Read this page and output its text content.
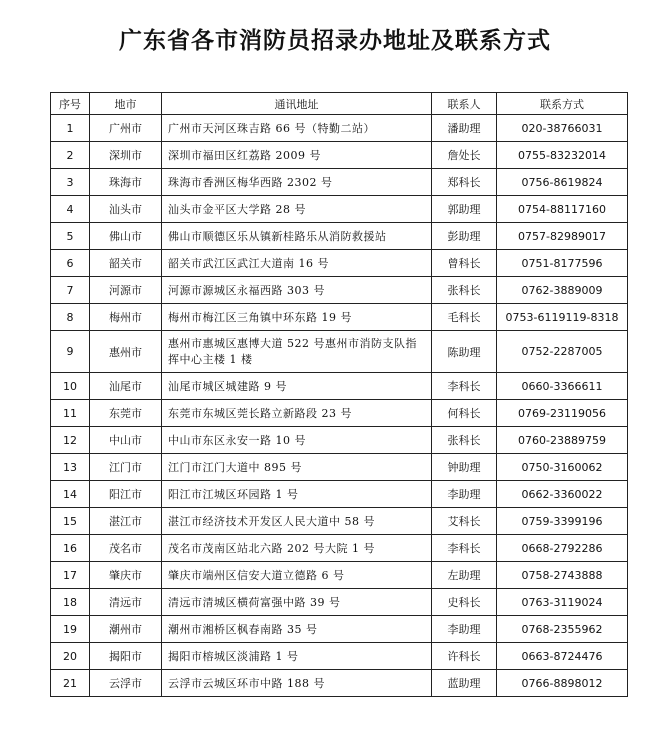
广东省各市消防员招录办地址及联系方式
序号	地市	通讯地址	联系人	联系方式
1	广州市	广州市天河区珠吉路 66 号（特勤二站）	潘助理	020-38766031
2	深圳市	深圳市福田区红荔路 2009 号	詹处长	0755-83232014
3	珠海市	珠海市香洲区梅华西路 2302 号	郑科长	0756-8619824
4	汕头市	汕头市金平区大学路 28 号	郭助理	0754-88117160
5	佛山市	佛山市顺德区乐从镇新桂路乐从消防救援站	彭助理	0757-82989017
6	韶关市	韶关市武江区武江大道南 16 号	曾科长	0751-8177596
7	河源市	河源市源城区永福西路 303 号	张科长	0762-3889009
8	梅州市	梅州市梅江区三角镇中环东路 19 号	毛科长	0753-6119119-8318
9	惠州市	惠州市惠城区惠博大道 522 号惠州市消防支队指挥中心主楼 1 楼	陈助理	0752-2287005
10	汕尾市	汕尾市城区城建路 9 号	李科长	0660-3366611
11	东莞市	东莞市东城区莞长路立新路段 23 号	何科长	0769-23119056
12	中山市	中山市东区永安一路 10 号	张科长	0760-23889759
13	江门市	江门市江门大道中 895 号	钟助理	0750-3160062
14	阳江市	阳江市江城区环园路 1 号	李助理	0662-3360022
15	湛江市	湛江市经济技术开发区人民大道中 58 号	艾科长	0759-3399196
16	茂名市	茂名市茂南区站北六路 202 号大院 1 号	李科长	0668-2792286
17	肇庆市	肇庆市端州区信安大道立德路 6 号	左助理	0758-2743888
18	清远市	清远市清城区横荷富强中路 39 号	史科长	0763-3119024
19	潮州市	潮州市湘桥区枫春南路 35 号	李助理	0768-2355962
20	揭阳市	揭阳市榕城区淡浦路 1 号	许科长	0663-8724476
21	云浮市	云浮市云城区环市中路 188 号	蓝助理	0766-8898012
